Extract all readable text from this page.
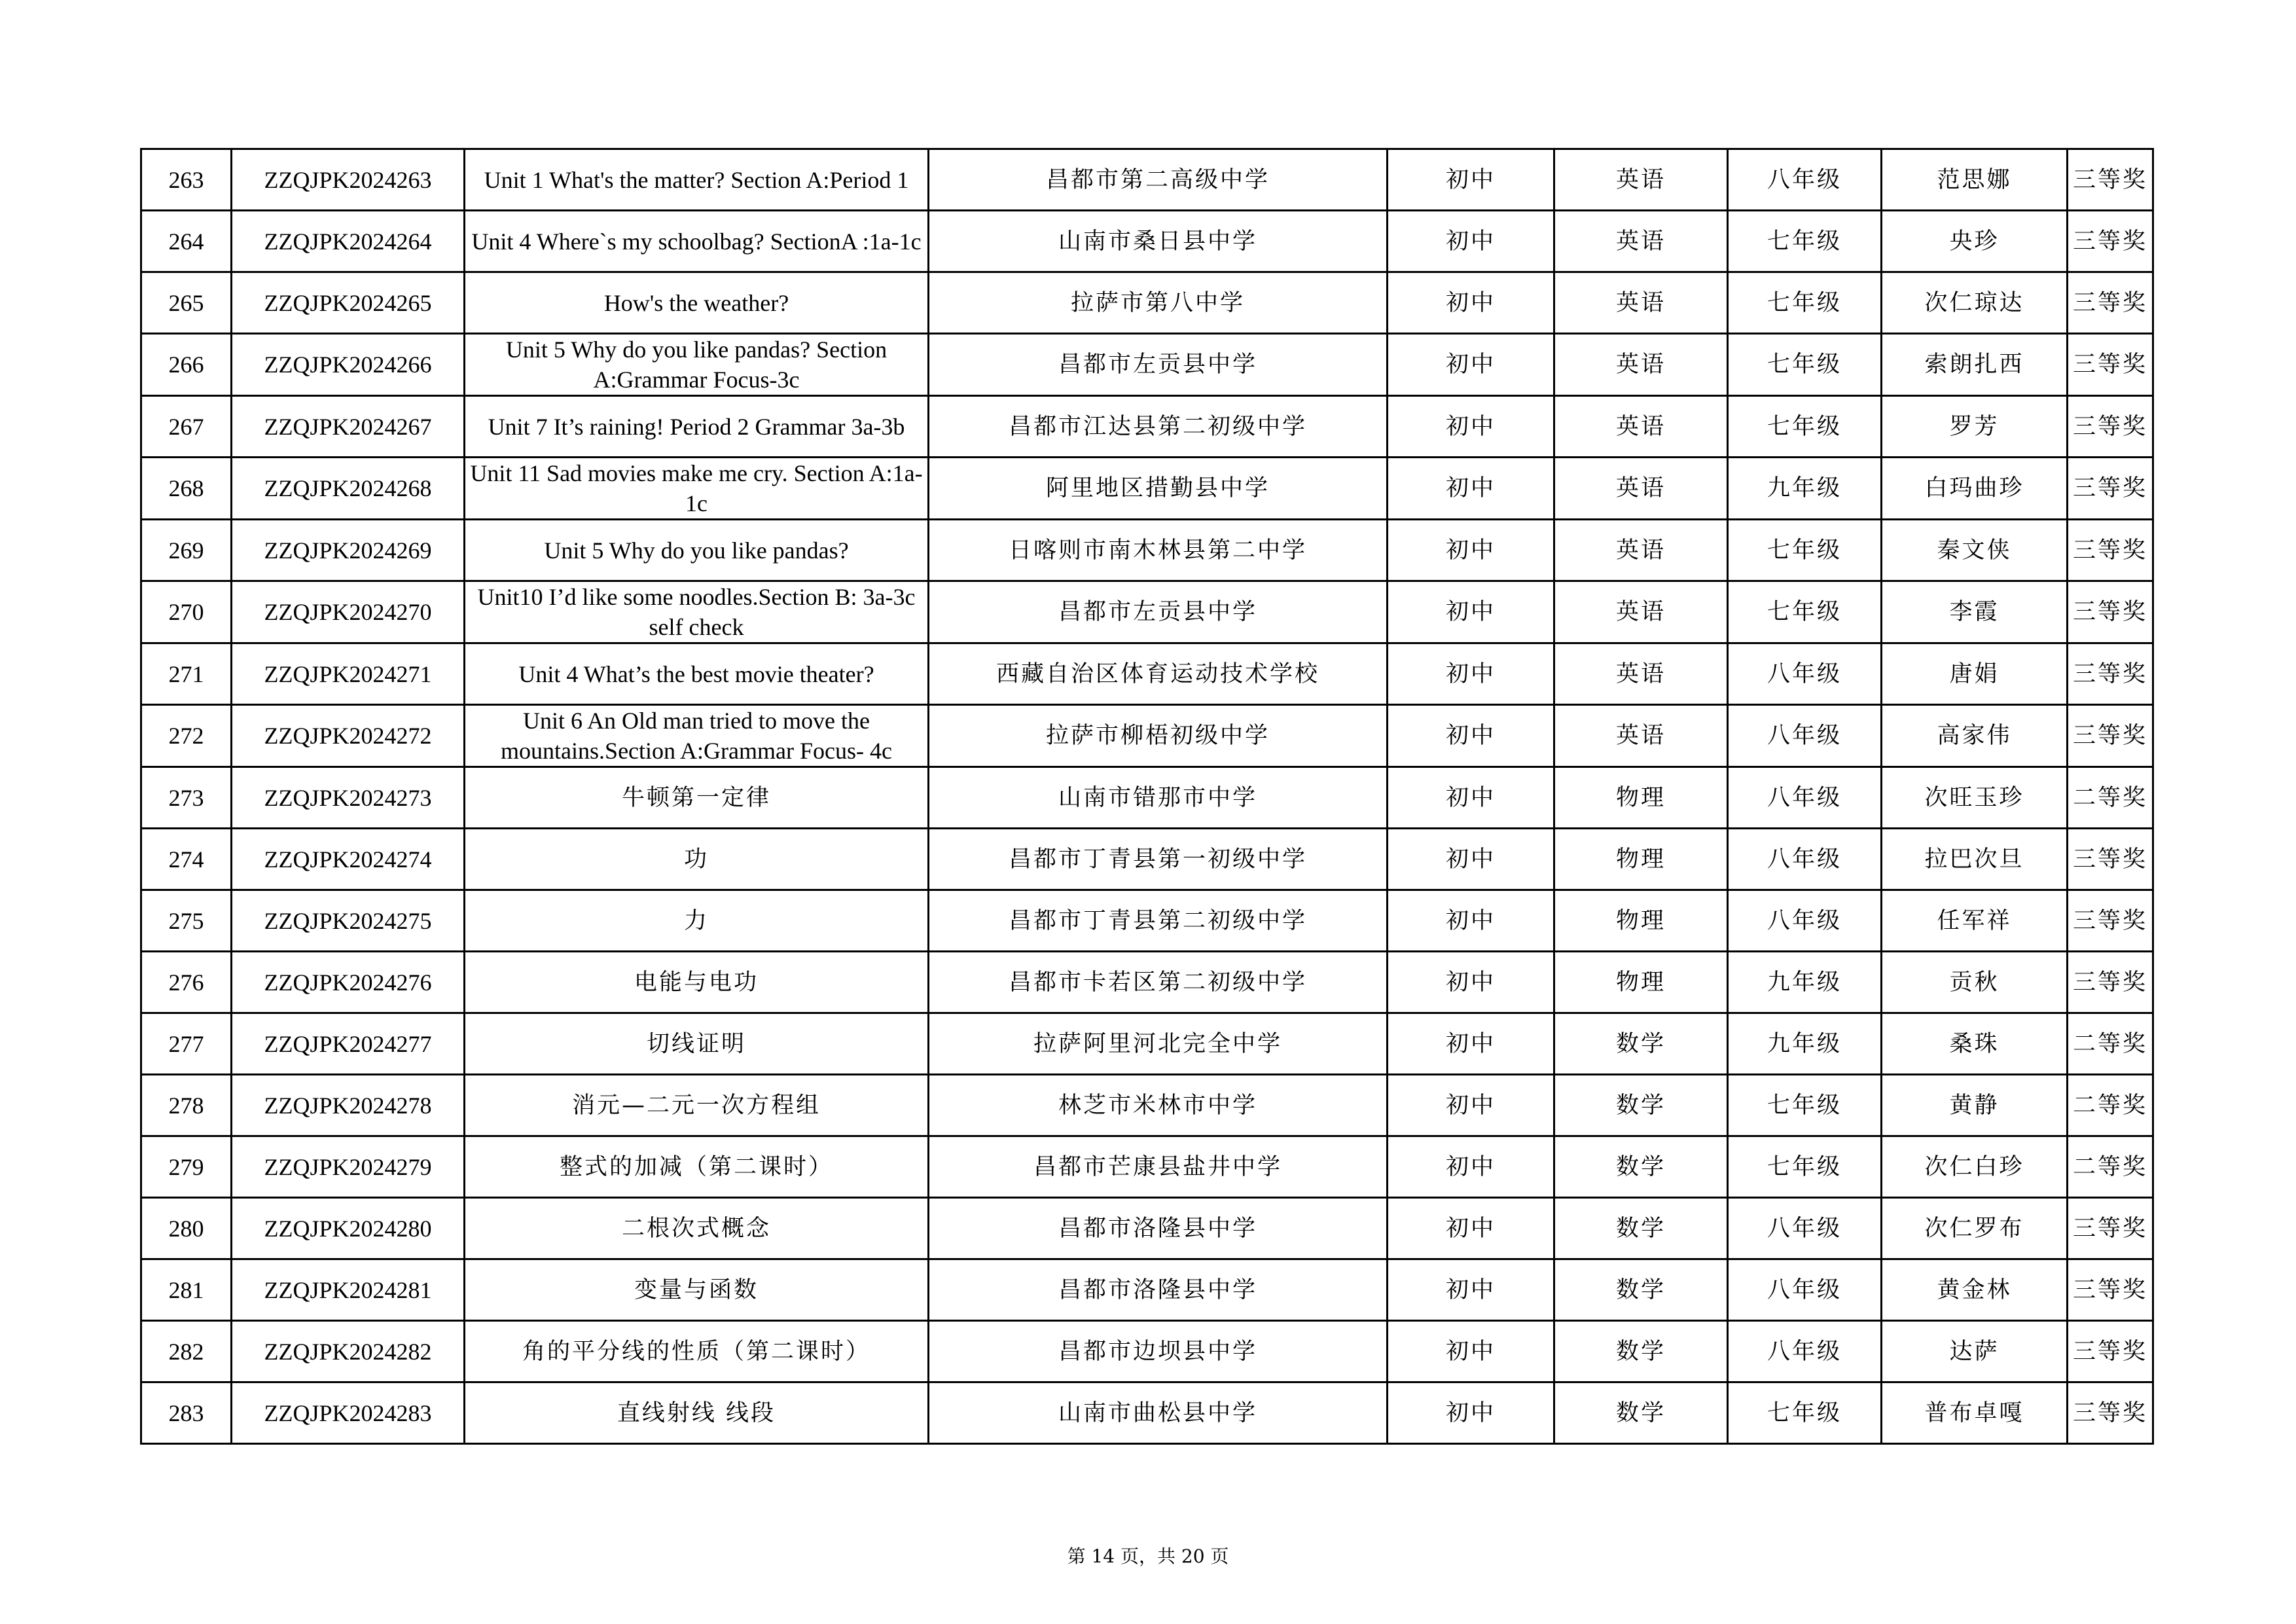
263	ZZQJPK2024263	Unit 1 What's the matter? Section A:Period 1	昌都市第二高级中学	初中	英语	八年级	范思娜	三等奖
264	ZZQJPK2024264	Unit 4 Where`s my schoolbag? SectionA :1a-1c	山南市桑日县中学	初中	英语	七年级	央珍	三等奖
265	ZZQJPK2024265	How's the weather?	拉萨市第八中学	初中	英语	七年级	次仁琼达	三等奖
266	ZZQJPK2024266	Unit 5 Why do you like pandas? Section A:Grammar Focus-3c	昌都市左贡县中学	初中	英语	七年级	索朗扎西	三等奖
267	ZZQJPK2024267	Unit 7 It’s raining! Period 2 Grammar 3a-3b	昌都市江达县第二初级中学	初中	英语	七年级	罗芳	三等奖
268	ZZQJPK2024268	Unit 11 Sad movies make me cry. Section A:1a-1c	阿里地区措勤县中学	初中	英语	九年级	白玛曲珍	三等奖
269	ZZQJPK2024269	Unit 5 Why do you like pandas?	日喀则市南木林县第二中学	初中	英语	七年级	秦文侠	三等奖
270	ZZQJPK2024270	Unit10 I’d like some noodles.Section B: 3a-3c self check	昌都市左贡县中学	初中	英语	七年级	李霞	三等奖
271	ZZQJPK2024271	Unit 4 What’s the best movie theater?	西藏自治区体育运动技术学校	初中	英语	八年级	唐娟	三等奖
272	ZZQJPK2024272	Unit 6 An Old man tried to move the mountains.Section A:Grammar Focus- 4c	拉萨市柳梧初级中学	初中	英语	八年级	高家伟	三等奖
273	ZZQJPK2024273	牛顿第一定律	山南市错那市中学	初中	物理	八年级	次旺玉珍	二等奖
274	ZZQJPK2024274	功	昌都市丁青县第一初级中学	初中	物理	八年级	拉巴次旦	三等奖
275	ZZQJPK2024275	力	昌都市丁青县第二初级中学	初中	物理	八年级	任军祥	三等奖
276	ZZQJPK2024276	电能与电功	昌都市卡若区第二初级中学	初中	物理	九年级	贡秋	三等奖
277	ZZQJPK2024277	切线证明	拉萨阿里河北完全中学	初中	数学	九年级	桑珠	二等奖
278	ZZQJPK2024278	消元—二元一次方程组	林芝市米林市中学	初中	数学	七年级	黄静	二等奖
279	ZZQJPK2024279	整式的加减（第二课时）	昌都市芒康县盐井中学	初中	数学	七年级	次仁白珍	二等奖
280	ZZQJPK2024280	二根次式概念	昌都市洛隆县中学	初中	数学	八年级	次仁罗布	三等奖
281	ZZQJPK2024281	变量与函数	昌都市洛隆县中学	初中	数学	八年级	黄金林	三等奖
282	ZZQJPK2024282	角的平分线的性质（第二课时）	昌都市边坝县中学	初中	数学	八年级	达萨	三等奖
283	ZZQJPK2024283	直线射线 线段	山南市曲松县中学	初中	数学	七年级	普布卓嘎	三等奖
第 14 页，共 20 页
